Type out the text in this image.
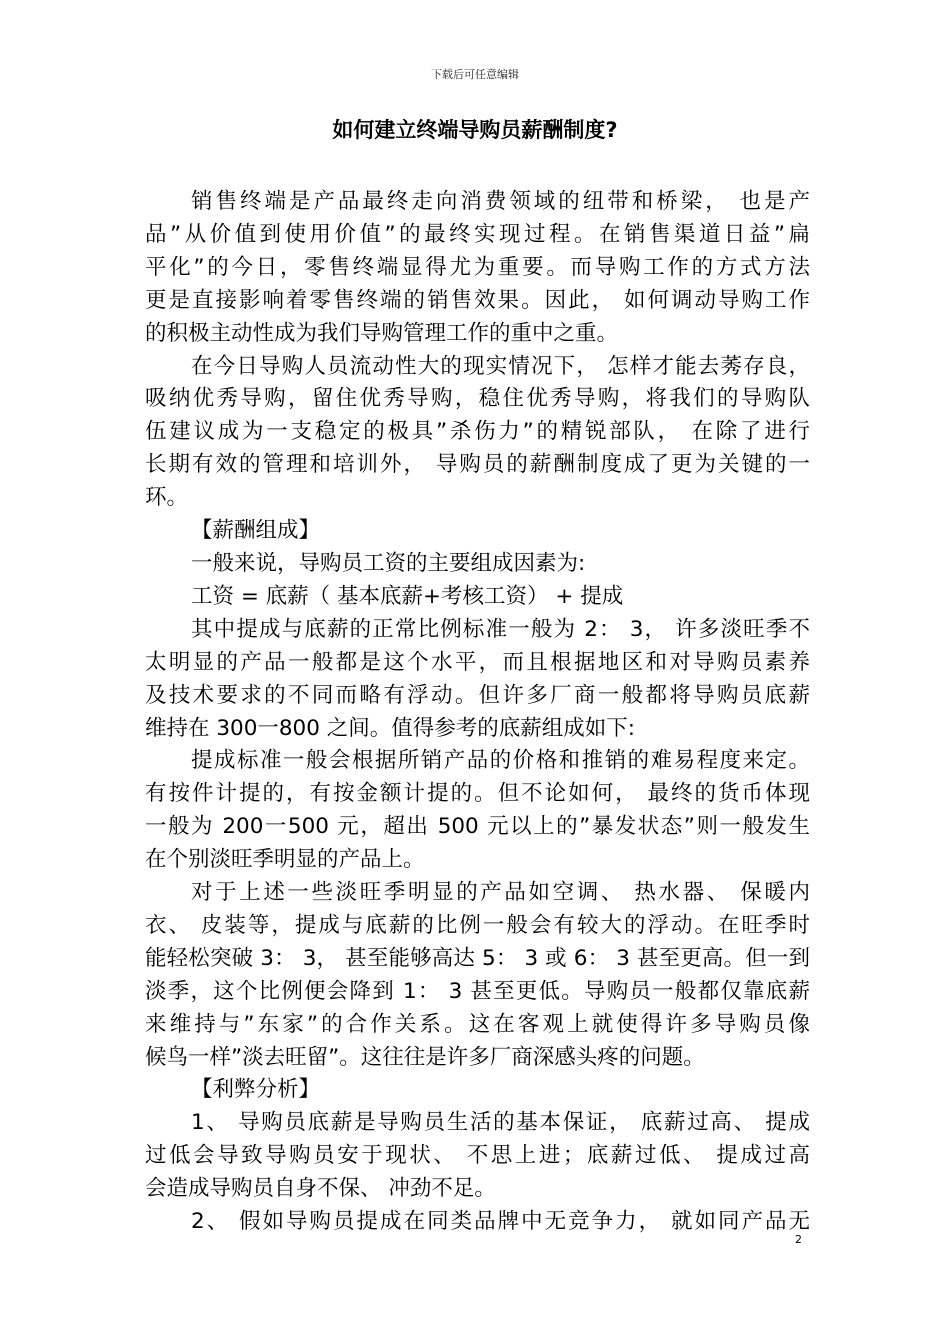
下载后可任意编辑
如何建立终端导购员薪酬制度?
销售终端是产品最终走向消费领域的纽带和桥梁， 也是产
品”从价值到使用价值”的最终实现过程。在销售渠道日益”扁
平化”的今日，零售终端显得尤为重要。而导购工作的方式方法
更是直接影响着零售终端的销售效果。因此， 如何调动导购工作
的积极主动性成为我们导购管理工作的重中之重。
在今日导购人员流动性大的现实情况下， 怎样才能去莠存良，
吸纳优秀导购，留住优秀导购，稳住优秀导购，将我们的导购队
伍建议成为一支稳定的极具”杀伤力”的精锐部队， 在除了进行
长期有效的管理和培训外， 导购员的薪酬制度成了更为关键的一
环。
【薪酬组成】
一般来说，导购员工资的主要组成因素为:
工资 = 底薪（ 基本底薪+考核工资） + 提成
其中提成与底薪的正常比例标准一般为 2： 3， 许多淡旺季不
太明显的产品一般都是这个水平，而且根据地区和对导购员素养
及技术要求的不同而略有浮动。但许多厂商一般都将导购员底薪
维持在 300一800 之间。值得参考的底薪组成如下:
提成标准一般会根据所销产品的价格和推销的难易程度来定。
有按件计提的，有按金额计提的。但不论如何， 最终的货币体现
一般为 200一500 元，超出 500 元以上的”暴发状态”则一般发生
在个别淡旺季明显的产品上。
对于上述一些淡旺季明显的产品如空调、 热水器、 保暖内
衣、 皮装等，提成与底薪的比例一般会有较大的浮动。在旺季时
能轻松突破 3： 3， 甚至能够高达 5： 3 或 6： 3 甚至更高。但一到
淡季，这个比例便会降到 1： 3 甚至更低。导购员一般都仅靠底薪
来维持与”东家”的合作关系。这在客观上就使得许多导购员像
候鸟一样”淡去旺留”。这往往是许多厂商深感头疼的问题。
【利弊分析】
1、 导购员底薪是导购员生活的基本保证， 底薪过高、 提成
过低会导致导购员安于现状、 不思上进；底薪过低、 提成过高
会造成导购员自身不保、 冲劲不足。
2、 假如导购员提成在同类品牌中无竞争力， 就如同产品无
2
